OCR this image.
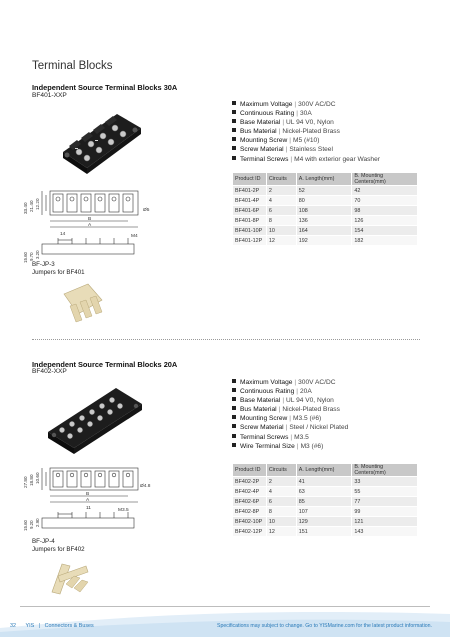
Terminal Blocks
Independent Source Terminal Blocks 30A
BF401-XXP
33.40 21.40 12.20
Ø5
B
A
14	M4
15.60 9.70 3.20
BF-JP-3
Jumpers for BF401
Maximum Voltage | 300V AC/DC
Continuous Rating | 30A
Base Material | UL 94 V0, Nylon
Bus Material | Nickel-Plated Brass
Mounting Screw | M5 (#10)
Screw Material | Stainless Steel
Terminal Screws | M4 with exterior gear Washer
Product ID	Circuits	A. Length(mm)	B. Mounting Centers(mm)
BF401-2P	2	52	42
BF401-4P	4	80	70
BF401-6P	6	108	98
BF401-8P	8	136	126
BF401-10P	10	164	154
BF401-12P	12	192	182
Independent Source Terminal Blocks 20A
BF402-XXP
27.80 18.80 10.60
Ø4.8
B
A
11	M3.5
15.60 9.20 2.90
BF-JP-4
Jumpers for BF402
Maximum Voltage | 300V AC/DC
Continuous Rating | 20A
Base Material | UL 94 V0, Nylon
Bus Material | Nickel-Plated Brass
Mounting Screw | M3.5 (#6)
Screw Material | Steel / Nickel Plated
Terminal Screws | M3.5
Wire Terminal Size | M3 (#6)
Product ID	Circuits	A. Length(mm)	B. Mounting Centers(mm)
BF402-2P	2	41	33
BF402-4P	4	63	55
BF402-6P	6	85	77
BF402-8P	8	107	99
BF402-10P	10	129	121
BF402-12P	12	151	143
32 YIS | Connectors & Buses	Specifications may subject to change. Go to YISMarine.com for the latest product information.
